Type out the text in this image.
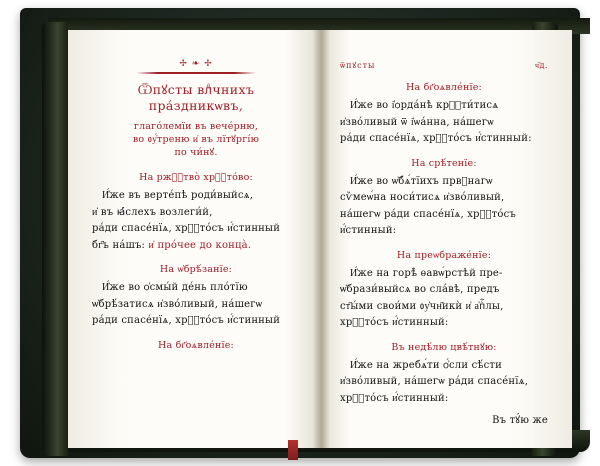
✢ ❧ ✢
Ѿпꙋсты влⷣчнихъ
пра́здникѡвъ,
глаго́лемїи въ вече́рню,
во ᲂу҆́треню и҆ въ лїтꙋргі́ю
по чи́нꙋ.
На ржⷭ҇твò хрⷭ҇то́во:

И҆́же въ верте́пѣ роди́выйсѧ,

и҆ въ ꙗ҆́слехъ возлеги́й,

ра́ди спасе́нїѧ, хрⷭ҇то́съ и҆́стинный

бг҃ъ на́шъ: и҆ про́чее до конца̀.

На ѡ҆брѣ́занїе:

И҆́же во ѻ҆смы́й де́нь пло́тїю

ѡ҆брѣ́затисѧ и҆зво́ливый, на́шегѡ

ра́ди спасе́нїѧ, хрⷭ҇то́съ и҆́стинный

На бг҃оѧвле́нїе:
ѿпꙋсты	ч҃д.
На бг҃оѧвле́нїе:

И҆́же во і҆ѻрда́нѣ крⷭ҇ти́тисѧ

и҆зво́ливый ѿ і҆ѡа́нна, на́шегѡ

ра́ди спасе́нїѧ, хрⷭ҇то́съ и҆́стинный:

На срѣ́тенїе:

И҆́же во ѡ҆б̾ѧ́тїихъ првⷣнагѡ

сѷмеѡ́на носи́тисѧ и҆зво́ливый,

на́шегѡ ра́ди спасе́нїѧ, хрⷭ҇то́съ

и҆́стинный:

На преѡбраже́нїе:

И҆́же на горѣ̀ ѳавѡ́рстѣй пре-

ѡ҆брази́выйсѧ во сла́вѣ, предъ

ст҃ы́ми свои́ми ᲂу҆чн҃икѝ и҆ а҆пⷭ҇лы,

хрⷭ҇то́съ и҆́стинный:

Въ недѣ́лю цвѣ́тнꙋю:

И҆́же на жребѧ́ти ѻ҆́сли сѣ́сти

и҆зво́ливый, на́шегѡ ра́ди спасе́нїѧ,

хрⷭ҇то́съ и҆́стинный:

Въ тꙋ́ю же
